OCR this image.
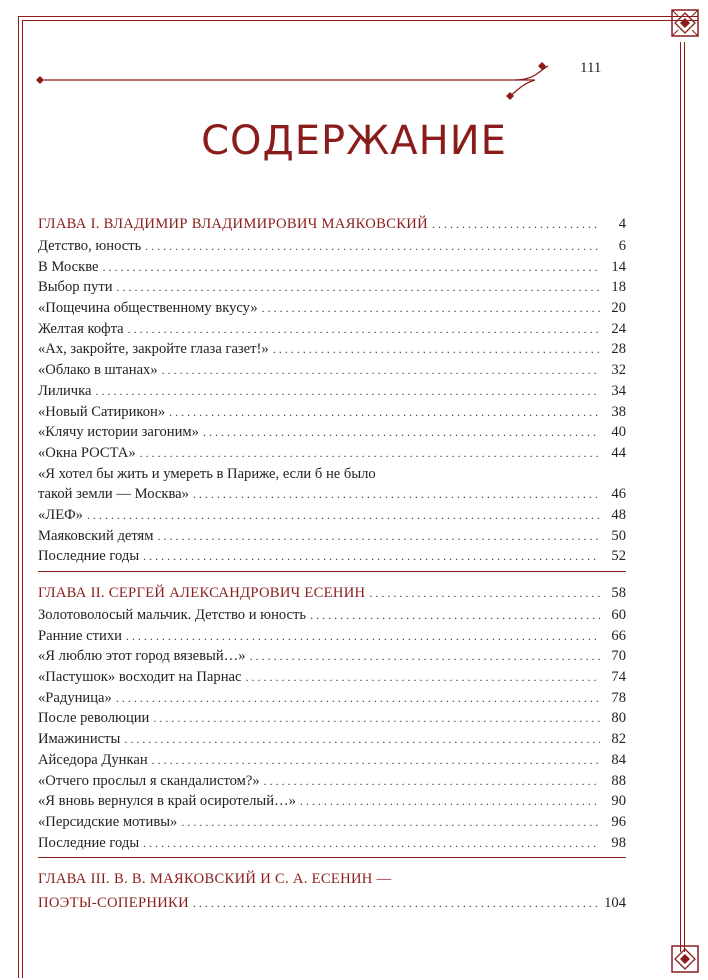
111
СОДЕРЖАНИЕ
ГЛАВА I. ВЛАДИМИР ВЛАДИМИРОВИЧ МАЯКОВСКИЙ . . .	4
Детство, юность . . .	6
В Москве . . .	14
Выбор пути . . .	18
«Пощечина общественному вкусу» . . .	20
Желтая кофта . . .	24
«Ах, закройте, закройте глаза газет!» . . .	28
«Облако в штанах» . . .	32
Лиличка . . .	34
«Новый Сатирикон» . . .	38
«Клячу истории загоним» . . .	40
«Окна РОСТА» . . .	44
«Я хотел бы жить и умереть в Париже, если б не было
такой земли — Москва» . . .	46
«ЛЕФ» . . .	48
Маяковский детям . . .	50
Последние годы . . .	52
ГЛАВА II. СЕРГЕЙ АЛЕКСАНДРОВИЧ ЕСЕНИН . . .	58
Золотоволосый мальчик. Детство и юность . . .	60
Ранние стихи . . .	66
«Я люблю этот город вязевый…» . . .	70
«Пастушок» восходит на Парнас . . .	74
«Радуница» . . .	78
После революции . . .	80
Имажинисты . . .	82
Айседора Дункан . . .	84
«Отчего прослыл я скандалистом?» . . .	88
«Я вновь вернулся в край осиротелый…» . . .	90
«Персидские мотивы» . . .	96
Последние годы . . .	98
ГЛАВА III. В. В. МАЯКОВСКИЙ И С. А. ЕСЕНИН —
ПОЭТЫ-СОПЕРНИКИ . . .	104
